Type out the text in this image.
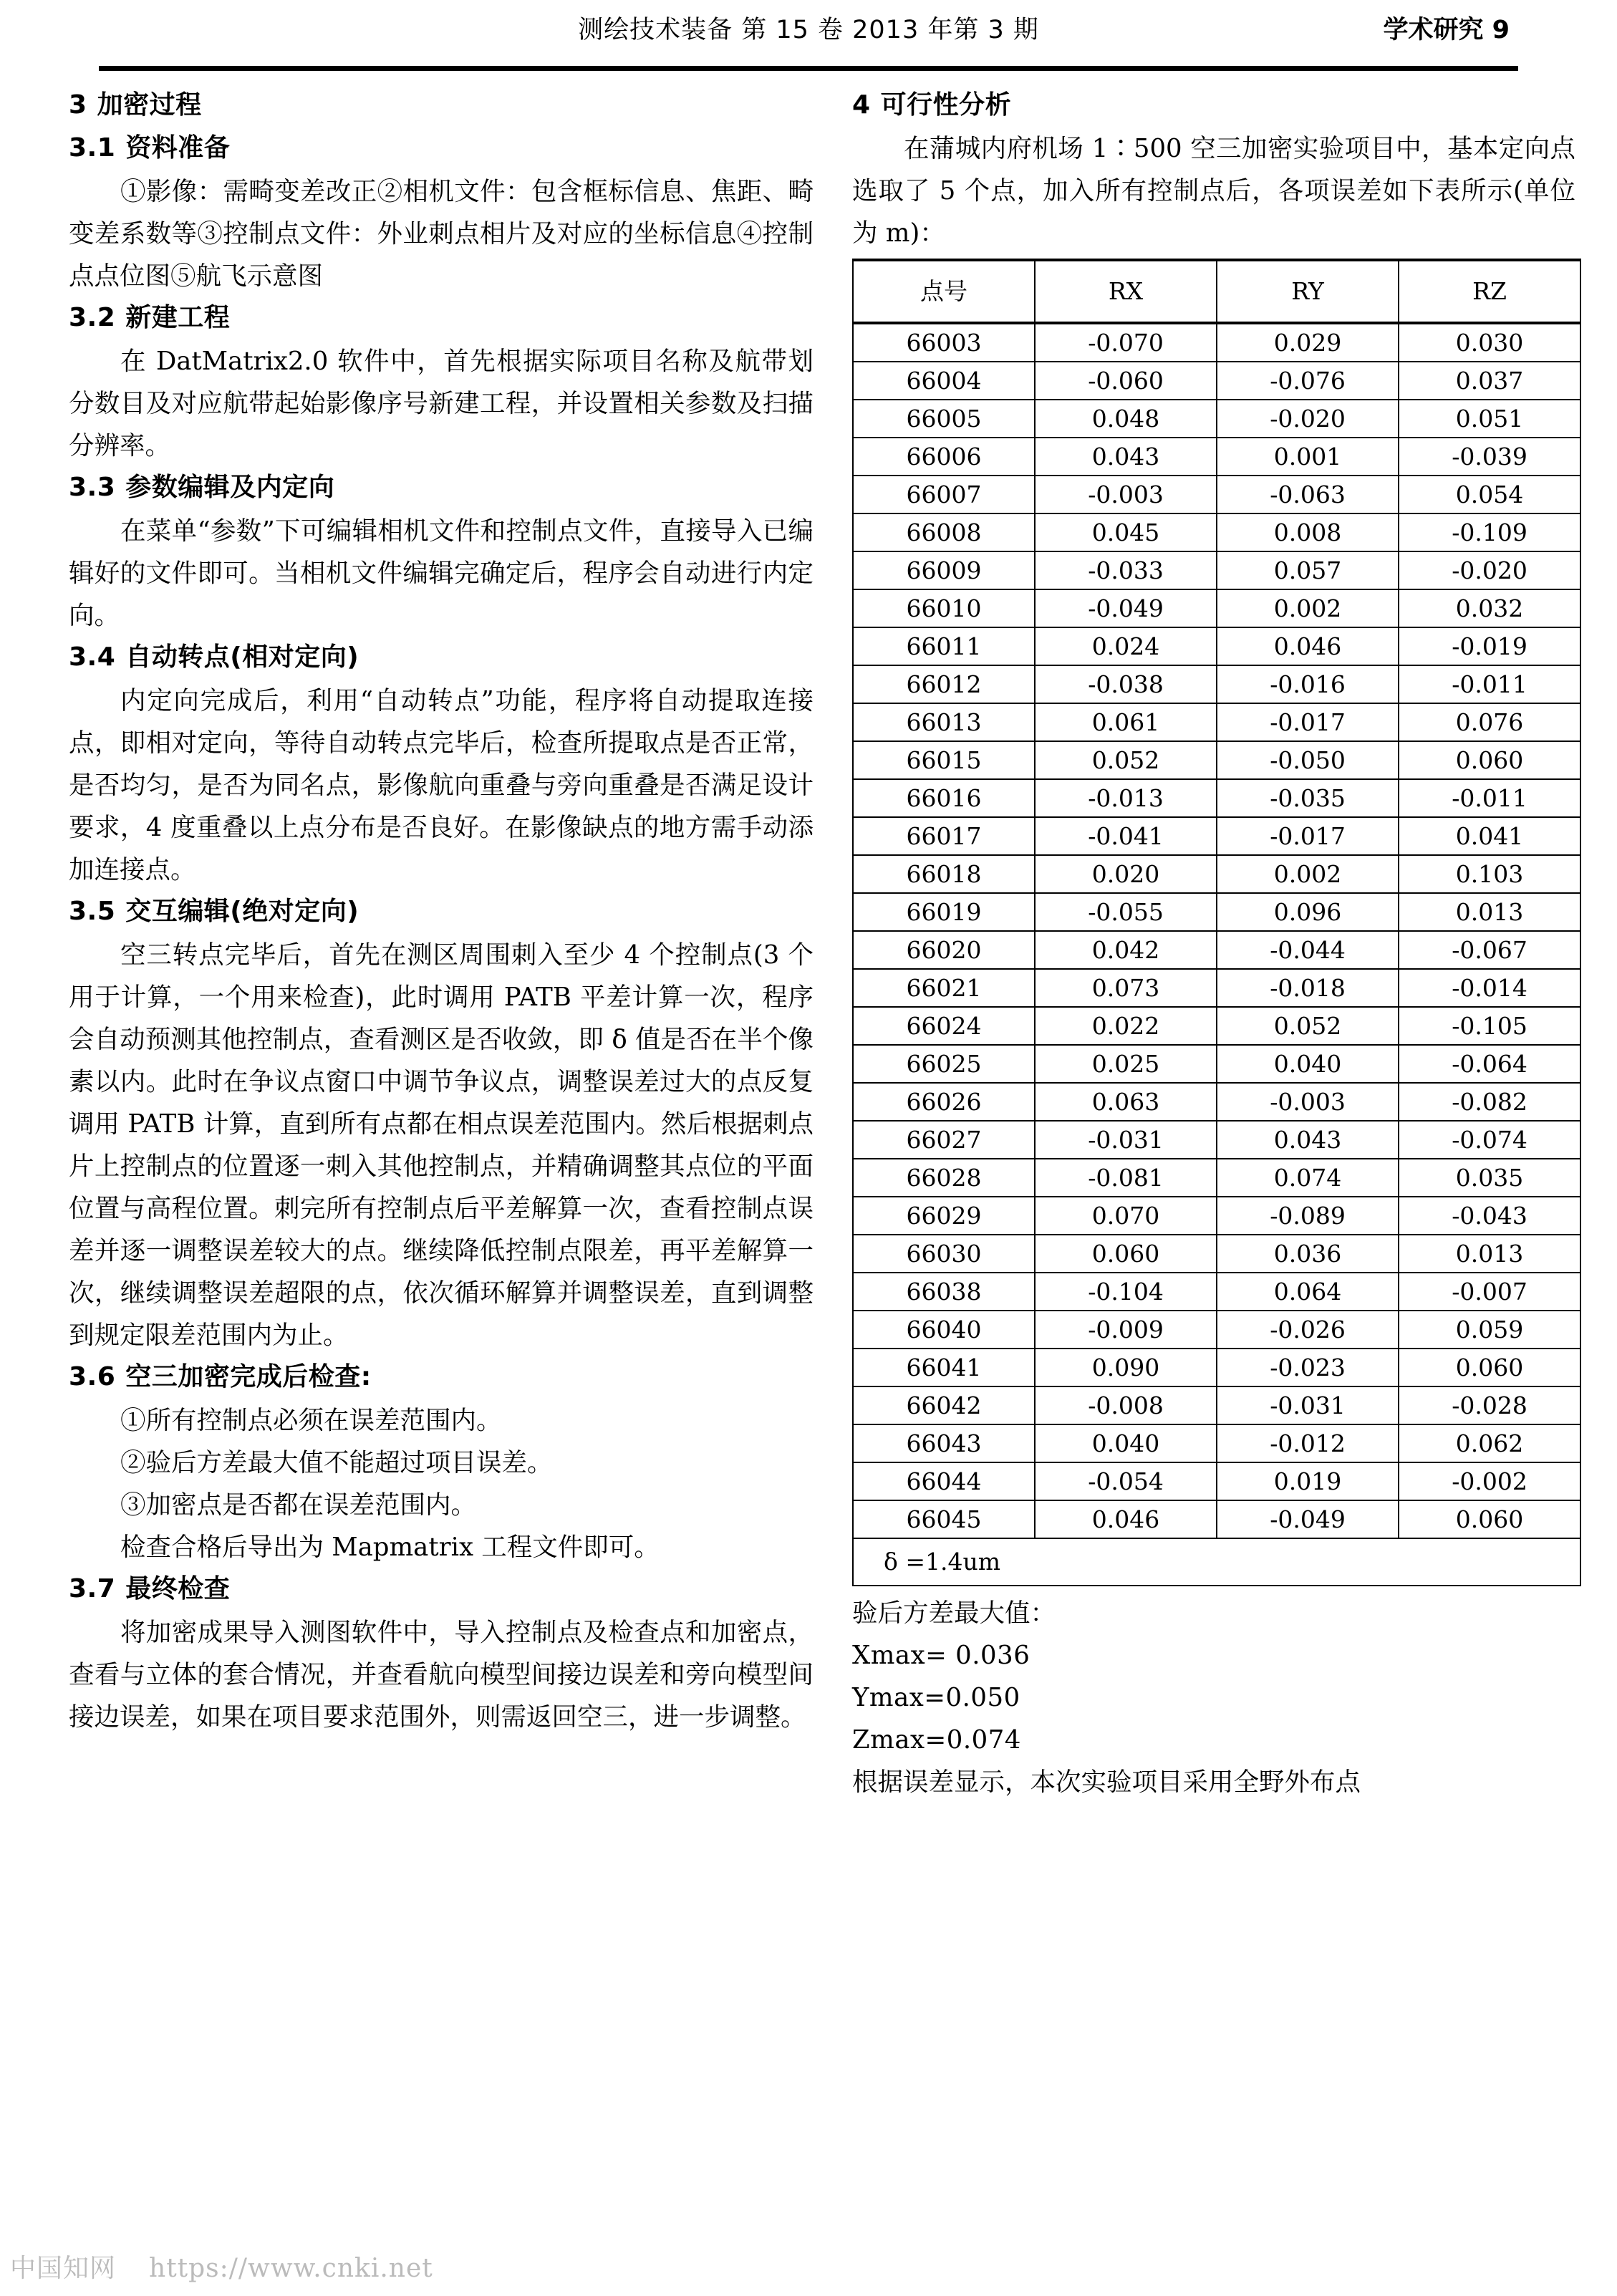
测绘技术装备 第 15 卷 2013 年第 3 期	学术研究 9
3 加密过程
3.1 资料准备

①影像：需畸变差改正②相机文件：包含框标信息、焦距、畸变差系数等③控制点文件：外业刺点相片及对应的坐标信息④控制点点位图⑤航飞示意图

3.2 新建工程

在 DatMatrix2.0 软件中，首先根据实际项目名称及航带划分数目及对应航带起始影像序号新建工程，并设置相关参数及扫描分辨率。

3.3 参数编辑及内定向

在菜单“参数”下可编辑相机文件和控制点文件，直接导入已编辑好的文件即可。当相机文件编辑完确定后，程序会自动进行内定向。

3.4 自动转点(相对定向)

内定向完成后，利用“自动转点”功能，程序将自动提取连接点，即相对定向，等待自动转点完毕后，检查所提取点是否正常，是否均匀，是否为同名点，影像航向重叠与旁向重叠是否满足设计要求，4 度重叠以上点分布是否良好。在影像缺点的地方需手动添加连接点。

3.5 交互编辑(绝对定向)

空三转点完毕后，首先在测区周围刺入至少 4 个控制点(3 个用于计算，一个用来检查)，此时调用 PATB 平差计算一次，程序会自动预测其他控制点，查看测区是否收敛，即 δ 值是否在半个像素以内。此时在争议点窗口中调节争议点，调整误差过大的点反复调用 PATB 计算，直到所有点都在相点误差范围内。然后根据刺点片上控制点的位置逐一刺入其他控制点，并精确调整其点位的平面位置与高程位置。刺完所有控制点后平差解算一次，查看控制点误差并逐一调整误差较大的点。继续降低控制点限差，再平差解算一次，继续调整误差超限的点，依次循环解算并调整误差，直到调整到规定限差范围内为止。

3.6 空三加密完成后检查:

①所有控制点必须在误差范围内。

②验后方差最大值不能超过项目误差。

③加密点是否都在误差范围内。

检查合格后导出为 Mapmatrix 工程文件即可。

3.7 最终检查

将加密成果导入测图软件中，导入控制点及检查点和加密点，查看与立体的套合情况，并查看航向模型间接边误差和旁向模型间接边误差，如果在项目要求范围外，则需返回空三，进一步调整。

4 可行性分析

在蒲城内府机场 1∶500 空三加密实验项目中，基本定向点选取了 5 个点，加入所有控制点后，各项误差如下表所示(单位为 m)：

点号	RX	RY	RZ
66003	-0.070	0.029	0.030
66004	-0.060	-0.076	0.037
66005	0.048	-0.020	0.051
66006	0.043	0.001	-0.039
66007	-0.003	-0.063	0.054
66008	0.045	0.008	-0.109
66009	-0.033	0.057	-0.020
66010	-0.049	0.002	0.032
66011	0.024	0.046	-0.019
66012	-0.038	-0.016	-0.011
66013	0.061	-0.017	0.076
66015	0.052	-0.050	0.060
66016	-0.013	-0.035	-0.011
66017	-0.041	-0.017	0.041
66018	0.020	0.002	0.103
66019	-0.055	0.096	0.013
66020	0.042	-0.044	-0.067
66021	0.073	-0.018	-0.014
66024	0.022	0.052	-0.105
66025	0.025	0.040	-0.064
66026	0.063	-0.003	-0.082
66027	-0.031	0.043	-0.074
66028	-0.081	0.074	0.035
66029	0.070	-0.089	-0.043
66030	0.060	0.036	0.013
66038	-0.104	0.064	-0.007
66040	-0.009	-0.026	0.059
66041	0.090	-0.023	0.060
66042	-0.008	-0.031	-0.028
66043	0.040	-0.012	0.062
66044	-0.054	0.019	-0.002
66045	0.046	-0.049	0.060
δ =1.4um			

验后方差最大值：

Xmax= 0.036

Ymax=0.050

Zmax=0.074

根据误差显示，本次实验项目采用全野外布点

中国知网 https://www.cnki.net
